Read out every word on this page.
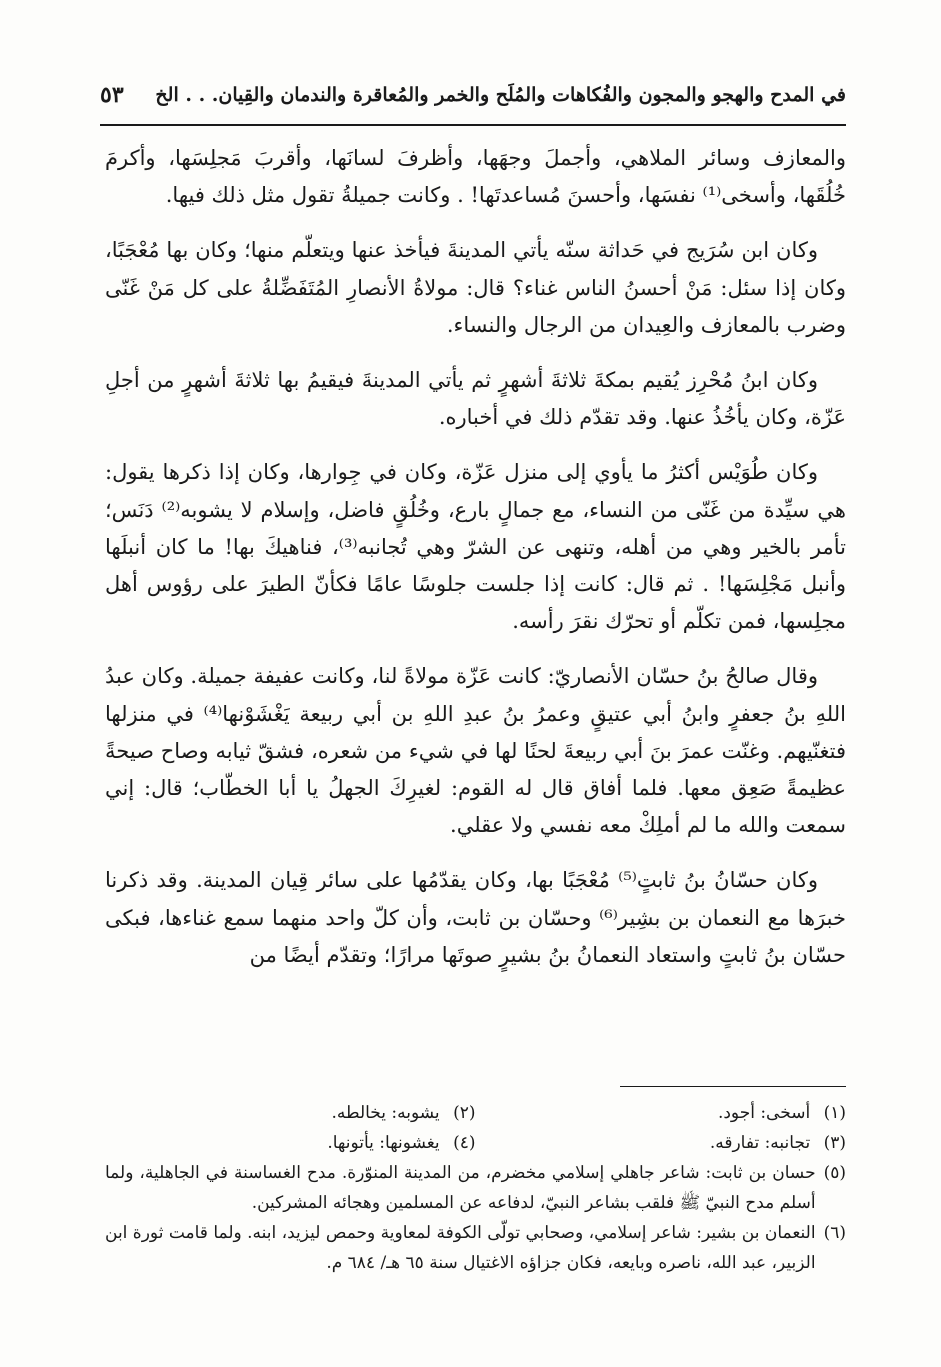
في المدح والهجو والمجون والفُكاهات والمُلَح والخمر والمُعاقرة والندمان والقِيان. . . الخ
٥٣

والمعازف وسائر الملاهي، وأجملَ وجهَها، وأظرفَ لسانَها، وأقربَ مَجلِسَها، وأكرمَ خُلُقَها، وأسخى⁽¹⁾ نفسَها، وأحسنَ مُساعدتَها! . وكانت جميلةُ تقول مثل ذلك فيها.

وكان ابن سُرَيج في حَداثة سنّه يأتي المدينةَ فيأخذ عنها ويتعلّم منها؛ وكان بها مُعْجَبًا، وكان إذا سئل: مَنْ أحسنُ الناس غناء؟ قال: مولاةُ الأنصارِ المُتَفَضِّلةُ على كل مَنْ غَنّى وضرب بالمعازف والعِيدان من الرجال والنساء.

وكان ابنُ مُحْرِز يُقيم بمكةَ ثلاثةَ أشهرٍ ثم يأتي المدينةَ فيقيمُ بها ثلاثةَ أشهرٍ من أجلِ عَزّة، وكان يأخُذُ عنها. وقد تقدّم ذلك في أخباره.

وكان طُوَيْس أكثرُ ما يأوي إلى منزل عَزّة، وكان في جِوارها، وكان إذا ذكرها يقول: هي سيِّدة من غَنّى من النساء، مع جمالٍ بارع، وخُلُقٍ فاضل، وإسلام لا يشوبه⁽²⁾ دَنَس؛ تأمر بالخير وهي من أهله، وتنهى عن الشرّ وهي تُجانبه⁽³⁾، فناهيكَ بها! ما كان أنبلَها وأنبل مَجْلِسَها! . ثم قال: كانت إذا جلست جلوسًا عامًا فكأنّ الطيرَ على رؤوس أهل مجلِسها، فمن تكلّم أو تحرّك نقرَ رأسه.

وقال صالحُ بنُ حسّان الأنصاريّ: كانت عَزّة مولاةً لنا، وكانت عفيفة جميلة. وكان عبدُ اللهِ بنُ جعفرٍ وابنُ أبي عتيقٍ وعمرُ بنُ عبدِ اللهِ بن أبي ربيعة يَغْشَوْنها⁽⁴⁾ في منزلها فتغنّيهم. وغنّت عمرَ بنَ أبي ربيعةَ لحنًا لها في شيء من شعره، فشقّ ثيابه وصاح صيحةً عظيمةً صَعِق معها. فلما أفاق قال له القوم: لغيرِكَ الجهلُ يا أبا الخطّاب؛ قال: إني سمعت والله ما لم أملِكْ معه نفسي ولا عقلي.

وكان حسّانُ بنُ ثابتٍ⁽⁵⁾ مُعْجَبًا بها، وكان يقدّمُها على سائر قِيان المدينة. وقد ذكرنا خبرَها مع النعمان بن بشِير⁽⁶⁾ وحسّان بن ثابت، وأن كلّ واحد منهما سمع غناءها، فبكى حسّان بنُ ثابتٍ واستعاد النعمانُ بنُ بشيرٍ صوتَها مرارًا؛ وتقدّم أيضًا من

(١) أسخى: أجود.
(٢) يشوبه: يخالطه.
(٣) تجانبه: تفارقه.
(٤) يغشونها: يأتونها.
(٥)
حسان بن ثابت: شاعر جاهلي إسلامي مخضرم، من المدينة المنوّرة. مدح الغساسنة في الجاهلية، ولما أسلم مدح النبيّ ﷺ فلقب بشاعر النبيّ، لدفاعه عن المسلمين وهجائه المشركين.
(٦)
النعمان بن بشير: شاعر إسلامي، وصحابي تولّى الكوفة لمعاوية وحمص ليزيد، ابنه. ولما قامت ثورة ابن الزبير، عبد الله، ناصره وبايعه، فكان جزاؤه الاغتيال سنة ٦٥ هـ/ ٦٨٤ م.
